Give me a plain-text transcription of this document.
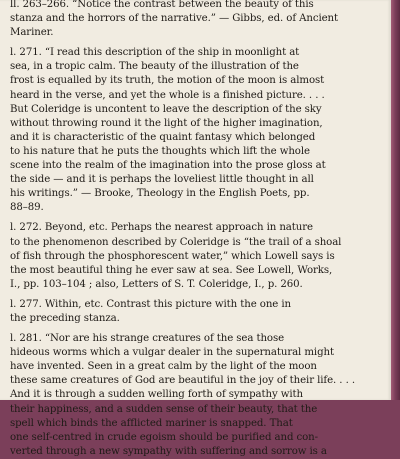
ll. 263–266. “Notice the contrast between the beauty of this
stanza and the horrors of the narrative.” — Gibbs, ed. of Ancient
Mariner.
l. 271. “I read this description of the ship in moonlight at
sea, in a tropic calm. The beauty of the illustration of the
frost is equalled by its truth, the motion of the moon is almost
heard in the verse, and yet the whole is a finished picture. . . .
But Coleridge is uncontent to leave the description of the sky
without throwing round it the light of the higher imagination,
and it is characteristic of the quaint fantasy which belonged
to his nature that he puts the thoughts which lift the whole
scene into the realm of the imagination into the prose gloss at
the side — and it is perhaps the loveliest little thought in all
his writings.” — Brooke, Theology in the English Poets, pp.
88–89.
l. 272. Beyond, etc. Perhaps the nearest approach in nature
to the phenomenon described by Coleridge is “the trail of a shoal
of fish through the phosphorescent water,” which Lowell says is
the most beautiful thing he ever saw at sea. See Lowell, Works,
I., pp. 103–104 ; also, Letters of S. T. Coleridge, I., p. 260.
l. 277. Within, etc. Contrast this picture with the one in
the preceding stanza.
l. 281. “Nor are his strange creatures of the sea those
hideous worms which a vulgar dealer in the supernatural might
have invented. Seen in a great calm by the light of the moon
these same creatures of God are beautiful in the joy of their life. . . .
And it is through a sudden welling forth of sympathy with
their happiness, and a sudden sense of their beauty, that the
spell which binds the afflicted mariner is snapped. That
one self-centred in crude egoism should be purified and con-
verted through a new sympathy with suffering and sorrow is a
